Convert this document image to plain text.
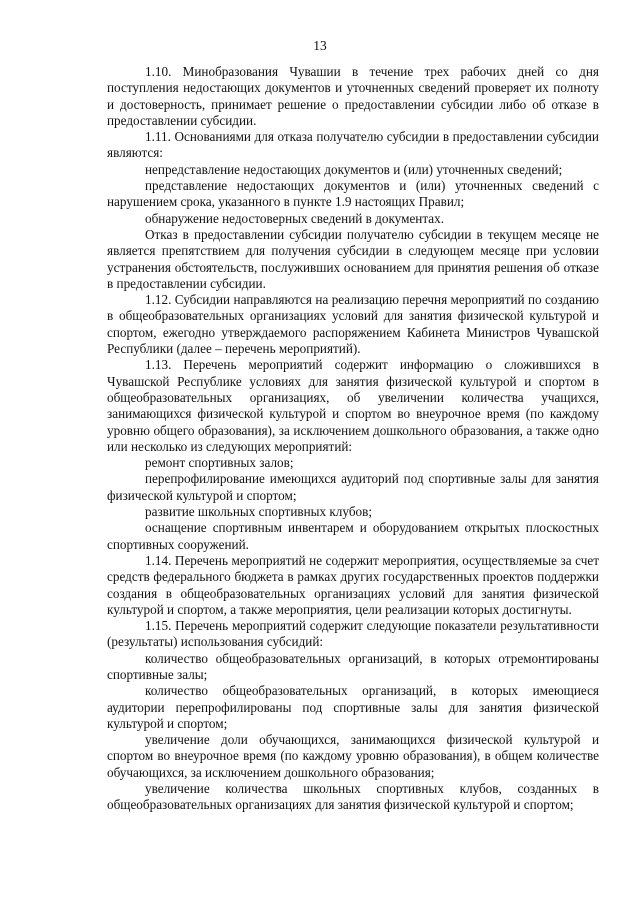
13

1.10. Минобразования Чувашии в течение трех рабочих дней со дня поступления недостающих документов и уточненных сведений проверяет их полноту и достоверность, принимает решение о предоставлении субсидии либо об отказе в предоставлении субсидии.

1.11. Основаниями для отказа получателю субсидии в предоставлении субсидии являются:

непредставление недостающих документов и (или) уточненных сведений;

представление недостающих документов и (или) уточненных сведений с нарушением срока, указанного в пункте 1.9 настоящих Правил;

обнаружение недостоверных сведений в документах.

Отказ в предоставлении субсидии получателю субсидии в текущем месяце не является препятствием для получения субсидии в следующем месяце при условии устранения обстоятельств, послуживших основанием для принятия решения об отказе в предоставлении субсидии.

1.12. Субсидии направляются на реализацию перечня мероприятий по созданию в общеобразовательных организациях условий для занятия физической культурой и спортом, ежегодно утверждаемого распоряжением Кабинета Министров Чувашской Республики (далее – перечень мероприятий).

1.13. Перечень мероприятий содержит информацию о сложившихся в Чувашской Республике условиях для занятия физической культурой и спортом в общеобразовательных организациях, об увеличении количества учащихся, занимающихся физической культурой и спортом во внеурочное время (по каждому уровню общего образования), за исключением дошкольного образования, а также одно или несколько из следующих мероприятий:

ремонт спортивных залов;

перепрофилирование имеющихся аудиторий под спортивные залы для занятия физической культурой и спортом;

развитие школьных спортивных клубов;

оснащение спортивным инвентарем и оборудованием открытых плоскостных спортивных сооружений.

1.14. Перечень мероприятий не содержит мероприятия, осуществляемые за счет средств федерального бюджета в рамках других государственных проектов поддержки создания в общеобразовательных организациях условий для занятия физической культурой и спортом, а также мероприятия, цели реализации которых достигнуты.

1.15. Перечень мероприятий содержит следующие показатели результативности (результаты) использования субсидий:

количество общеобразовательных организаций, в которых отремонтированы спортивные залы;

количество общеобразовательных организаций, в которых имеющиеся аудитории перепрофилированы под спортивные залы для занятия физической культурой и спортом;

увеличение доли обучающихся, занимающихся физической культурой и спортом во внеурочное время (по каждому уровню образования), в общем количестве обучающихся, за исключением дошкольного образования;

увеличение количества школьных спортивных клубов, созданных в общеобразовательных организациях для занятия физической культурой и спортом;
